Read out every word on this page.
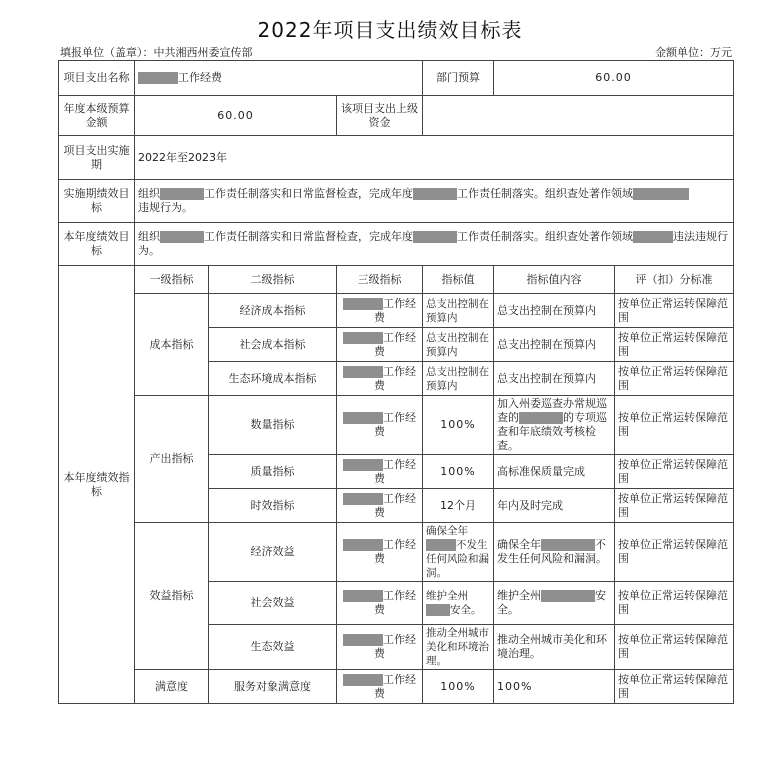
2022年项目支出绩效目标表
填报单位（盖章）：中共湘西州委宣传部	金额单位：万元
项目支出名称	工作经费			部门预算	60.00	
年度本级预算金额	60.00		该项目支出上级资金			
项目支出实施期	2022年至2023年					
实施期绩效目标	组织 工作责任制落实和日常监督检查，完成年度 工作责任制落实。组织查处著作领域
违规行为。					
本年度绩效目标	组织 工作责任制落实和日常监督检查，完成年度 工作责任制落实。组织查处著作领域 违法违规行为。					
本年度绩效指标	一级指标	二级指标	三级指标	指标值	指标值内容	评（扣）分标准
	成本指标	经济成本指标	工作经费	总支出控制在预算内	总支出控制在预算内	按单位正常运转保障范围
		社会成本指标	工作经费	总支出控制在预算内	总支出控制在预算内	按单位正常运转保障范围
		生态环境成本指标	工作经费	总支出控制在预算内	总支出控制在预算内	按单位正常运转保障范围
	产出指标	数量指标	工作经费	100%	加入州委巡查办常规巡查的 的专项巡查和年底绩效考核检查。	按单位正常运转保障范围
		质量指标	工作经费	100%	高标准保质量完成	按单位正常运转保障范围
		时效指标	工作经费	12个月	年内及时完成	按单位正常运转保障范围
	效益指标	经济效益	工作经费	确保全年不发生任何风险和漏洞。	确保全年 不发生任何风险和漏洞。	按单位正常运转保障范围
		社会效益	工作经费	维护全州安全。	维护全州 安全。	按单位正常运转保障范围
		生态效益	工作经费	推动全州城市美化和环境治理。	推动全州城市美化和环境治理。	按单位正常运转保障范围
	满意度	服务对象满意度	工作经费	100%	100%	按单位正常运转保障范围
